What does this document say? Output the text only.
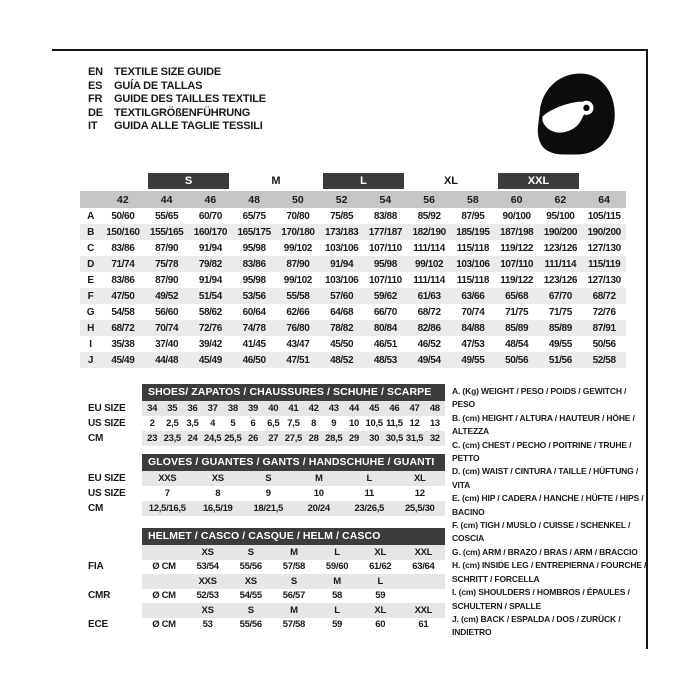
EN	TEXTILE SIZE GUIDE
ES	GUÍA DE TALLAS
FR	GUIDE DES TAILLES TEXTILE
DE	TEXTILGRÖßENFÜHRUNG
IT	GUIDA ALLE TAGLIE TESSILI

		S		M		L		XL		XXL		

	42	44	46	48	50	52	54	56	58	60	62	64
A	50/60	55/65	60/70	65/75	70/80	75/85	83/88	85/92	87/95	90/100	95/100	105/115
B	150/160	155/165	160/170	165/175	170/180	173/183	177/187	182/190	185/195	187/198	190/200	190/200
C	83/86	87/90	91/94	95/98	99/102	103/106	107/110	111/114	115/118	119/122	123/126	127/130
D	71/74	75/78	79/82	83/86	87/90	91/94	95/98	99/102	103/106	107/110	111/114	115/119
E	83/86	87/90	91/94	95/98	99/102	103/106	107/110	111/114	115/118	119/122	123/126	127/130
F	47/50	49/52	51/54	53/56	55/58	57/60	59/62	61/63	63/66	65/68	67/70	68/72
G	54/58	56/60	58/62	60/64	62/66	64/68	66/70	68/72	70/74	71/75	71/75	72/76
H	68/72	70/74	72/76	74/78	76/80	78/82	80/84	82/86	84/88	85/89	85/89	87/91
I	35/38	37/40	39/42	41/45	43/47	45/50	46/51	46/52	47/53	48/54	49/55	50/56
J	45/49	44/48	45/49	46/50	47/51	48/52	48/53	49/54	49/55	50/56	51/56	52/58

	SHOES/ ZAPATOS / CHAUSSURES / SCHUHE / SCARPE														

EU SIZE	34	35	36	37	38	39	40	41	42	43	44	45	46	47	48
US SIZE	2	2,5	3,5	4	5	6	6,5	7,5	8	9	10	10,5	11,5	12	13
CM	23	23,5	24	24,5	25,5	26	27	27,5	28	28,5	29	30	30,5	31,5	32

	GLOVES / GUANTES / GANTS / HANDSCHUHE / GUANTI					

EU SIZE	XXS	XS	S	M	L	XL
US SIZE	7	8	9	10	11	12
CM	12,5/16,5	16,5/19	18/21,5	20/24	23/26,5	25,5/30

	HELMET / CASCO / CASQUE / HELM / CASCO						

		XS	S	M	L	XL	XXL
FIA	Ø CM	53/54	55/56	57/58	59/60	61/62	63/64
		XXS	XS	S	M	L	
CMR	Ø CM	52/53	54/55	56/57	58	59	
		XS	S	M	L	XL	XXL
ECE	Ø CM	53	55/56	57/58	59	60	61
A. (Kg) WEIGHT / PESO / POIDS / GEWITCH / PESO
B. (cm) HEIGHT / ALTURA / HAUTEUR / HÖHE / ALTEZZA
C. (cm) CHEST / PECHO / POITRINE / TRUHE / PETTO
D. (cm) WAIST / CINTURA / TAILLE / HÜFTUNG / VITA
E. (cm) HIP / CADERA / HANCHE / HÜFTE / HIPS / BACINO
F. (cm) TIGH / MUSLO / CUISSE / SCHENKEL / COSCIA
G. (cm) ARM / BRAZO / BRAS / ARM / BRACCIO
H. (cm) INSIDE LEG / ENTREPIERNA / FOURCHE / SCHRITT / FORCELLA
I. (cm) SHOULDERS / HOMBROS / ÉPAULES / SCHULTERN / SPALLE
J. (cm) BACK / ESPALDA / DOS / ZURÜCK / INDIETRO
